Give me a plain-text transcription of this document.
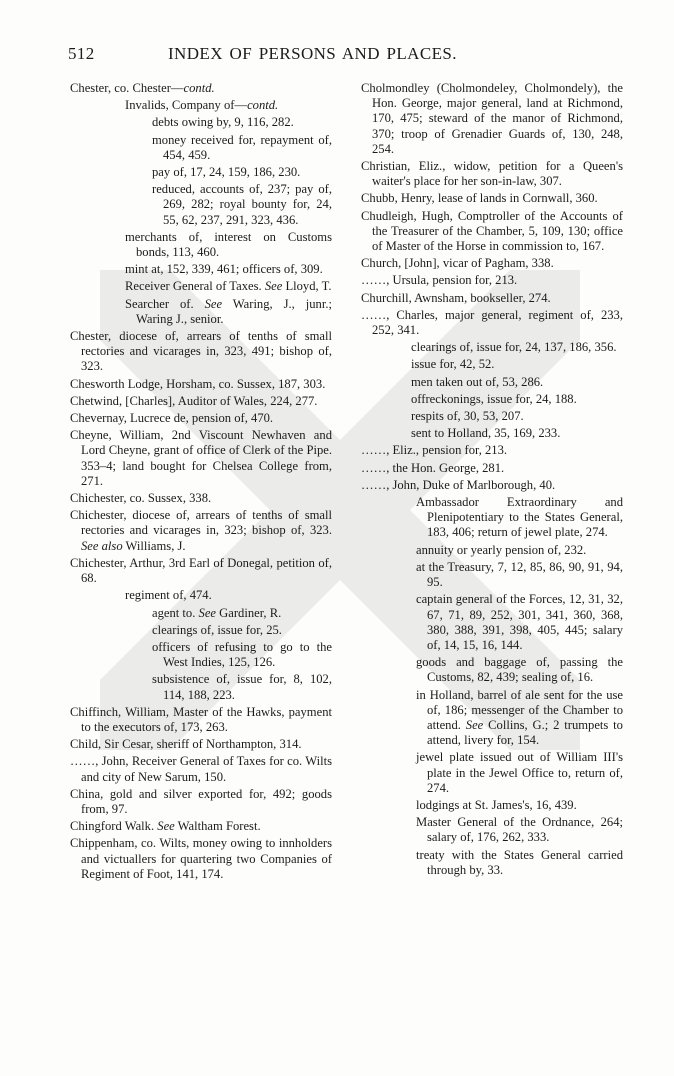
512	INDEX OF PERSONS AND PLACES.

Chester, co. Chester—contd.

Invalids, Company of—contd.

debts owing by, 9, 116, 282.

money received for, repayment of, 454, 459.

pay of, 17, 24, 159, 186, 230.

reduced, accounts of, 237; pay of, 269, 282; royal bounty for, 24, 55, 62, 237, 291, 323, 436.

merchants of, interest on Customs bonds, 113, 460.

mint at, 152, 339, 461; officers of, 309.

Receiver General of Taxes. See Lloyd, T.

Searcher of. See Waring, J., junr.; Waring J., senior.

Chester, diocese of, arrears of tenths of small rectories and vicarages in, 323, 491; bishop of, 323.

Chesworth Lodge, Horsham, co. Sussex, 187, 303.

Chetwind, [Charles], Auditor of Wales, 224, 277.

Chevernay, Lucrece de, pension of, 470.

Cheyne, William, 2nd Viscount Newhaven and Lord Cheyne, grant of office of Clerk of the Pipe. 353–4; land bought for Chelsea College from, 271.

Chichester, co. Sussex, 338.

Chichester, diocese of, arrears of tenths of small rectories and vicarages in, 323; bishop of, 323. See also Williams, J.

Chichester, Arthur, 3rd Earl of Donegal, petition of, 68.

regiment of, 474.

agent to. See Gardiner, R.

clearings of, issue for, 25.

officers of refusing to go to the West Indies, 125, 126.

subsistence of, issue for, 8, 102, 114, 188, 223.

Chiffinch, William, Master of the Hawks, payment to the executors of, 173, 263.

Child, Sir Cesar, sheriff of Northampton, 314.

……, John, Receiver General of Taxes for co. Wilts and city of New Sarum, 150.

China, gold and silver exported for, 492; goods from, 97.

Chingford Walk. See Waltham Forest.

Chippenham, co. Wilts, money owing to innholders and victuallers for quartering two Companies of Regiment of Foot, 141, 174.

Cholmondley (Cholmondeley, Cholmondely), the Hon. George, major general, land at Richmond, 170, 475; steward of the manor of Richmond, 370; troop of Grenadier Guards of, 130, 248, 254.

Christian, Eliz., widow, petition for a Queen's waiter's place for her son-in-law, 307.

Chubb, Henry, lease of lands in Cornwall, 360.

Chudleigh, Hugh, Comptroller of the Accounts of the Treasurer of the Chamber, 5, 109, 130; office of Master of the Horse in commission to, 167.

Church, [John], vicar of Pagham, 338.

……, Ursula, pension for, 213.

Churchill, Awnsham, bookseller, 274.

……, Charles, major general, regiment of, 233, 252, 341.

clearings of, issue for, 24, 137, 186, 356.

issue for, 42, 52.

men taken out of, 53, 286.

offreckonings, issue for, 24, 188.

respits of, 30, 53, 207.

sent to Holland, 35, 169, 233.

……, Eliz., pension for, 213.

……, the Hon. George, 281.

……, John, Duke of Marlborough, 40.

Ambassador Extraordinary and Plenipotentiary to the States General, 183, 406; return of jewel plate, 274.

annuity or yearly pension of, 232.

at the Treasury, 7, 12, 85, 86, 90, 91, 94, 95.

captain general of the Forces, 12, 31, 32, 67, 71, 89, 252, 301, 341, 360, 368, 380, 388, 391, 398, 405, 445; salary of, 14, 15, 16, 144.

goods and baggage of, passing the Customs, 82, 439; sealing of, 16.

in Holland, barrel of ale sent for the use of, 186; messenger of the Chamber to attend. See Collins, G.; 2 trumpets to attend, livery for, 154.

jewel plate issued out of William III's plate in the Jewel Office to, return of, 274.

lodgings at St. James's, 16, 439.

Master General of the Ordnance, 264; salary of, 176, 262, 333.

treaty with the States General carried through by, 33.
